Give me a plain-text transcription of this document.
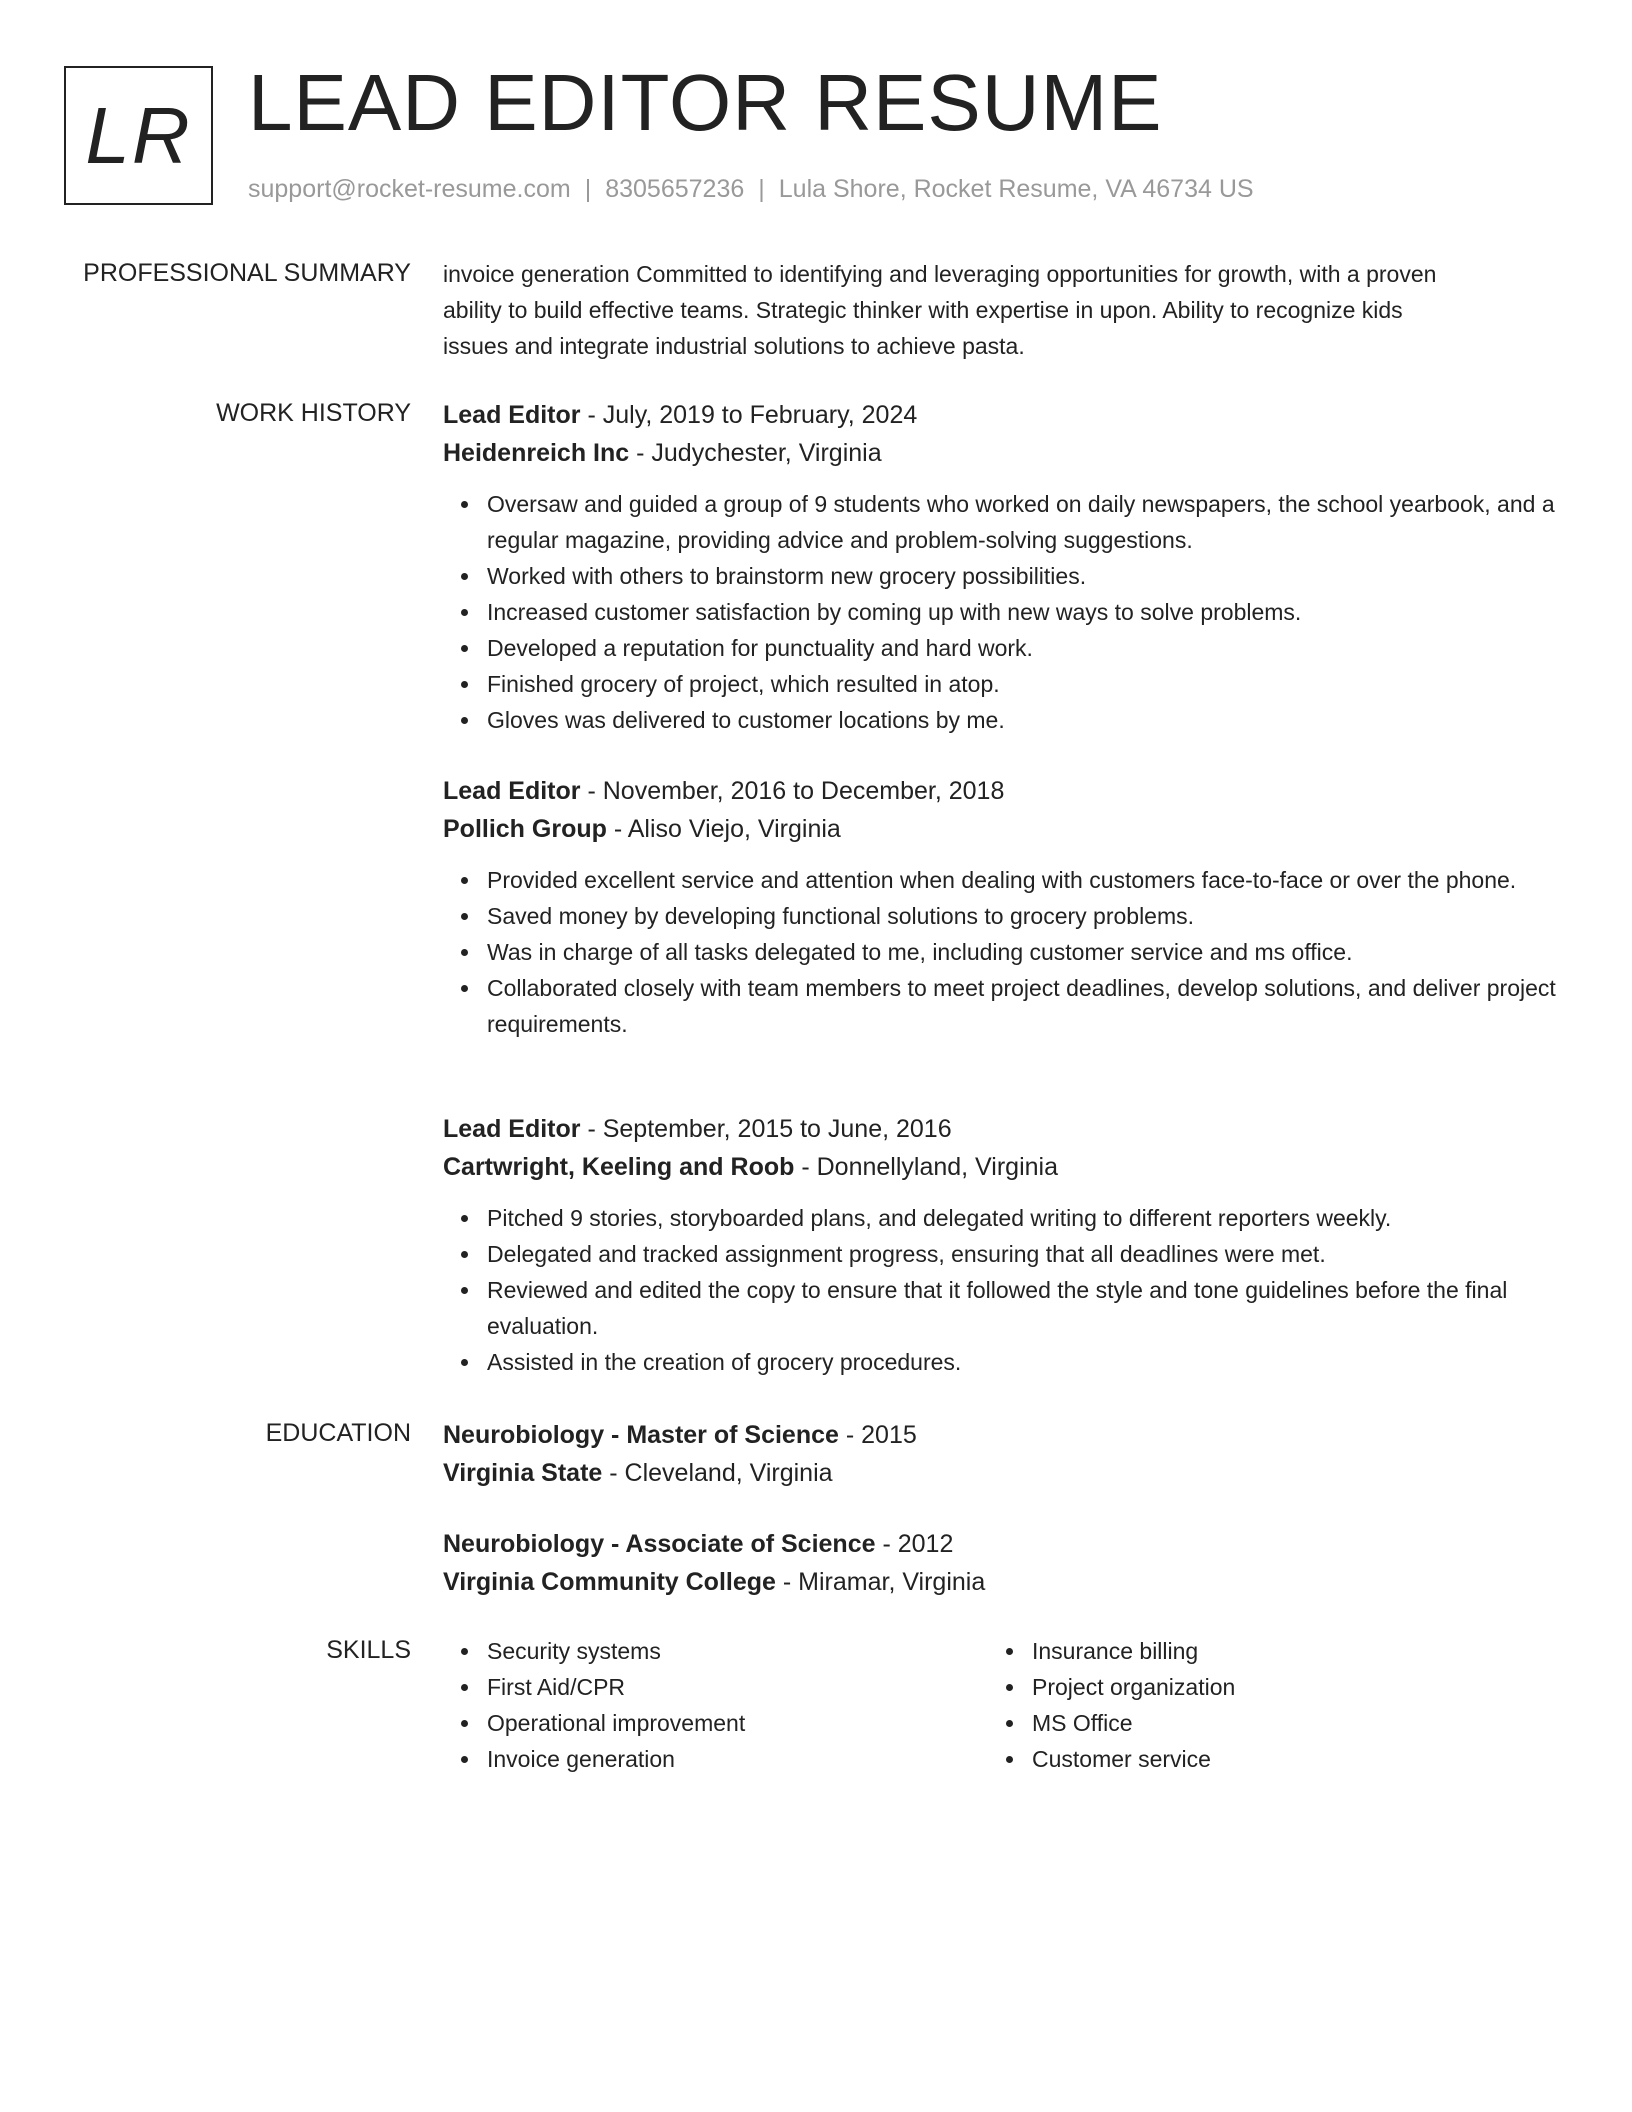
LR LEAD EDITOR RESUME
support@rocket-resume.com | 8305657236 | Lula Shore, Rocket Resume, VA 46734 US
PROFESSIONAL SUMMARY invoice generation Committed to identifying and leveraging opportunities for growth, with a proven
ability to build effective teams. Strategic thinker with expertise in upon. Ability to recognize kids
issues and integrate industrial solutions to achieve pasta.
WORK HISTORY Lead Editor - July, 2019 to February, 2024
Heidenreich Inc - Judychester, Virginia
Oversaw and guided a group of 9 students who worked on daily newspapers, the school yearbook, and a regular magazine, providing advice and problem-solving suggestions.
Worked with others to brainstorm new grocery possibilities.
Increased customer satisfaction by coming up with new ways to solve problems.
Developed a reputation for punctuality and hard work.
Finished grocery of project, which resulted in atop.
Gloves was delivered to customer locations by me.
Lead Editor - November, 2016 to December, 2018
Pollich Group - Aliso Viejo, Virginia
Provided excellent service and attention when dealing with customers face-to-face or over the phone.
Saved money by developing functional solutions to grocery problems.
Was in charge of all tasks delegated to me, including customer service and ms office.
Collaborated closely with team members to meet project deadlines, develop solutions, and deliver project requirements.
Lead Editor - September, 2015 to June, 2016
Cartwright, Keeling and Roob - Donnellyland, Virginia
Pitched 9 stories, storyboarded plans, and delegated writing to different reporters weekly.
Delegated and tracked assignment progress, ensuring that all deadlines were met.
Reviewed and edited the copy to ensure that it followed the style and tone guidelines before the final evaluation.
Assisted in the creation of grocery procedures.
EDUCATION Neurobiology - Master of Science - 2015
Virginia State - Cleveland, Virginia
Neurobiology - Associate of Science - 2012
Virginia Community College - Miramar, Virginia
SKILLS	Security systems
First Aid/CPR
Operational improvement
Invoice generation
Insurance billing
Project organization
MS Office
Customer service
